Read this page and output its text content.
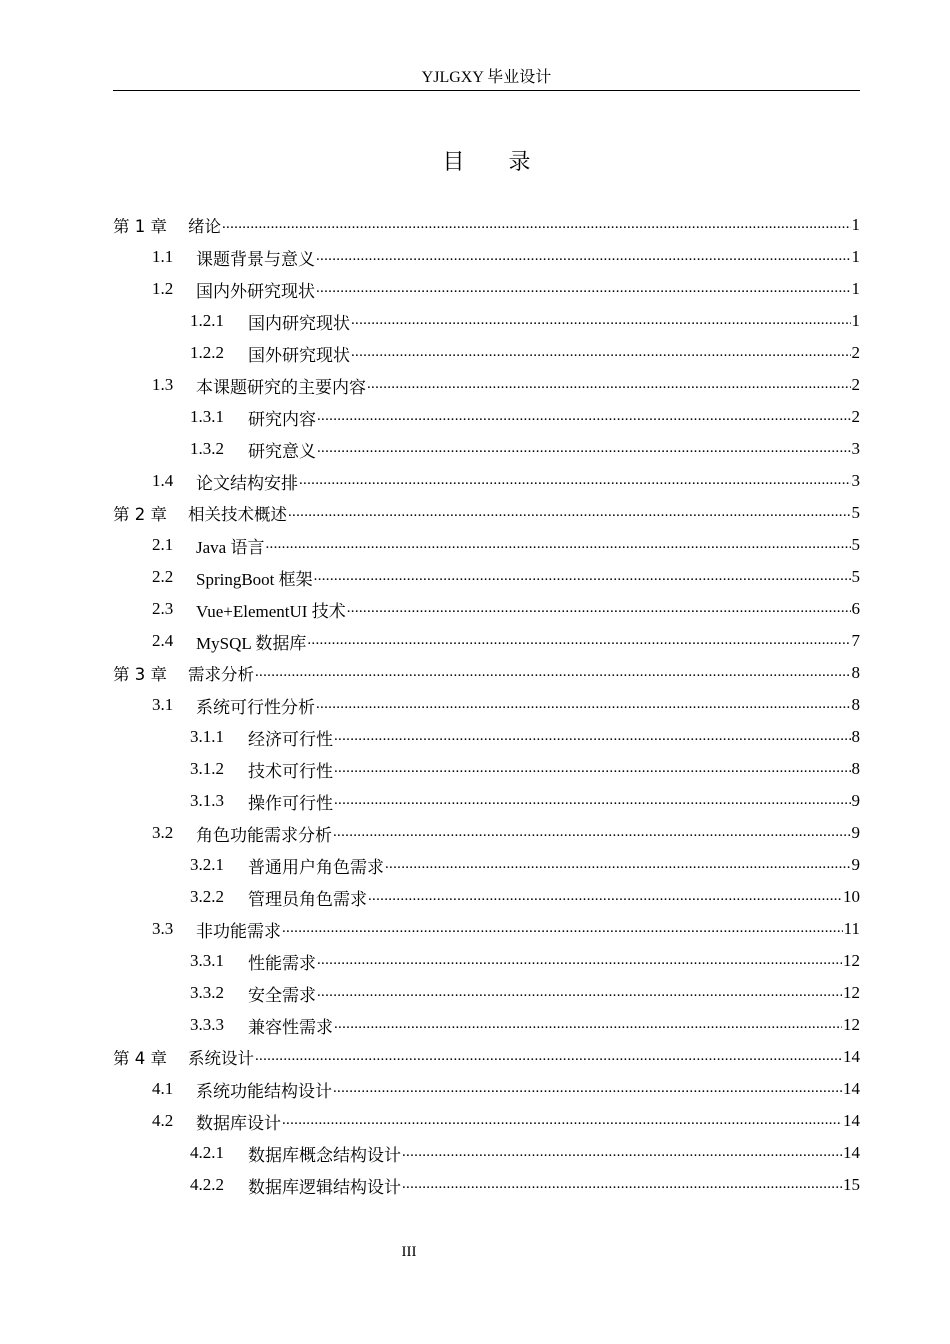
YJLGXY 毕业设计
目 录
第 1 章	绪论 .....	1
1.1	课题背景与意义 .....	1
1.2	国内外研究现状 .....	1
1.2.1	国内研究现状 .....	1
1.2.2	国外研究现状 .....	2
1.3	本课题研究的主要内容 .....	2
1.3.1	研究内容 .....	2
1.3.2	研究意义 .....	3
1.4	论文结构安排 .....	3
第 2 章	相关技术概述 .....	5
2.1	Java 语言 .....	5
2.2	SpringBoot 框架 .....	5
2.3	Vue+ElementUI 技术 .....	6
2.4	MySQL 数据库 .....	7
第 3 章	需求分析 .....	8
3.1	系统可行性分析 .....	8
3.1.1	经济可行性 .....	8
3.1.2	技术可行性 .....	8
3.1.3	操作可行性 .....	9
3.2	角色功能需求分析 .....	9
3.2.1	普通用户角色需求 .....	9
3.2.2	管理员角色需求 .....	10
3.3	非功能需求 .....	11
3.3.1	性能需求 .....	12
3.3.2	安全需求 .....	12
3.3.3	兼容性需求 .....	12
第 4 章	系统设计 .....	14
4.1	系统功能结构设计 .....	14
4.2	数据库设计 .....	14
4.2.1	数据库概念结构设计 .....	14
4.2.2	数据库逻辑结构设计 .....	15
III
